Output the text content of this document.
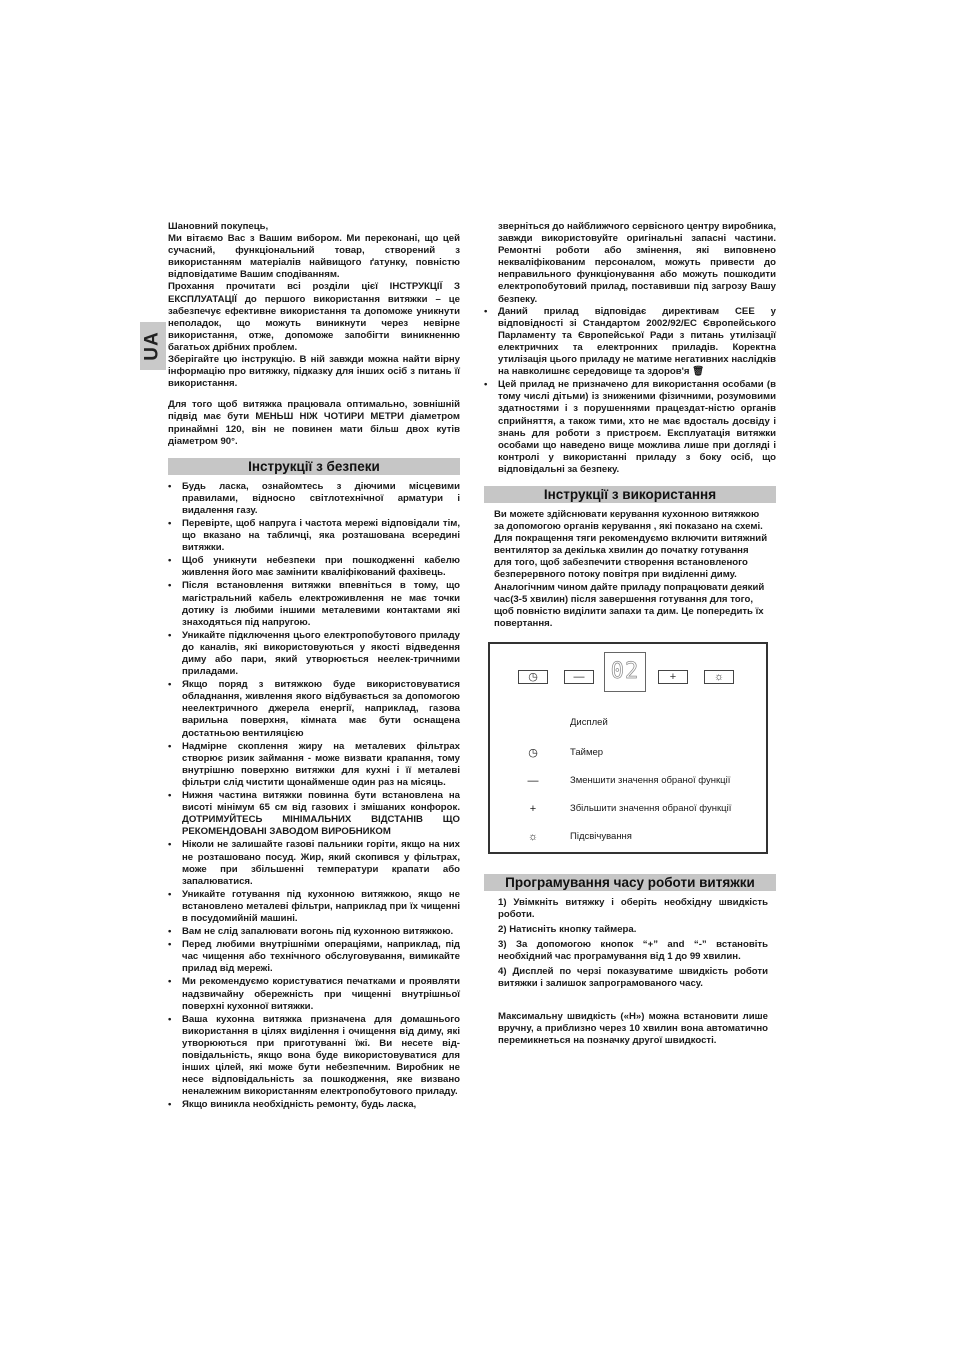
UA

Шановний покупець,

Ми вітаємо Вас з Вашим вибором. Ми переконані, що цей сучасний, функціональний товар, створений з використанням матеріалів найвищого ґатунку, повністю відповідатиме Вашим сподіванням.

Прохання прочитати всі розділи цієї ІНСТРУКЦІЇ З ЕКСПЛУАТАЦІЇ до першого використання витяжки – це забезпечує ефективне використання та допоможе уникнути неполадок, що можуть виникнути через невірне використання, отже, допоможе запобігти виникненню багатьох дрібних проблем.

Зберігайте цю інструкцію. В ній завжди можна найти вірну інформацію про витяжку, підказку для інших осіб з питань її використання.

Для того щоб витяжка працювала оптимально, зовнішній підвід має бути МЕНЬШ НІЖ ЧОТИРИ МЕТРИ діаметром принаймні 120, він не повинен мати більш двох кутів діаметром 90°.

Інструкції з безпеки
• Будь ласка, ознайомтесь з діючими місцевими правилами, відносно світлотехнічної арматури і видалення газу.
• Перевірте, щоб напруга і частота мережі відповідали тім, що вказано на табличці, яка розташована всередині витяжки.
• Щоб уникнути небезпеки при пошкодженні кабелю живлення його має замінити кваліфікований фахівець.
• Після встановлення витяжки впевніться в тому, що магістральний кабель електроживлення не має точки дотику із любими іншими металевими контактами які знаходяться під напругою.
• Уникайте підключення цього електропобутового приладу до каналів, які використовуються у якості відведення диму або пари, який утворюється неелек-тричними приладами.
• Якщо поряд з витяжкою буде використовуватися обладнання, живлення якого відбувається за допомогою неелектричного джерела енергії, наприклад, газова варильна поверхня, кімната має бути оснащена достатньою вентиляцією
• Надмірне скоплення жиру на металевих фільтрах створює ризик займання - може визвати крапання, тому внутрішню поверхню витяжки для кухні і її металеві фільтри слід чистити щонайменше один раз на місяць.
• Нижня частина витяжки повинна бути встановлена на висоті мінімум 65 см від газових і змішаних конфорок. ДОТРИМУЙТЕСЬ МІНІМАЛЬНИХ ВІДСТАНІВ ЩО РЕКОМЕНДОВАНІ ЗАВОДОМ ВИРОБНИКОМ
• Ніколи не залишайте газові пальники горіти, якщо на них не розташовано посуд. Жир, який скопився у фільтрах, може при збільшенні температури крапати або запалюватися.
• Уникайте готування під кухонною витяжкою, якщо не встановлено металеві фільтри, наприклад при їх чищенні в посудомийній машині.
• Вам не слід запалювати вогонь під кухонною витяжкою.
• Перед любими внутрішніми операціями, наприклад, під час чищення або технічного обслуговування, вимикайте прилад від мережі.
• Ми рекомендуємо користуватися печатками и проявляти надзвичайну обережність при чищенні внутрішньої поверхні кухонної витяжки.
• Ваша кухонна витяжка призначена для домашнього використання в цілях виділення і очищення від диму, які утворюються при приготуванні їжі. Ви несете від-повідальність, якщо вона буде використовуватися для інших цілей, які може бути небезпечним. Виробник не несе відповідальність за пошкодження, яке визвано неналежним використанням електропобутового приладу.
• Якщо виникла необхідність ремонту, будь ласка,
зверніться до найближчого сервісного центру виробника, завжди використовуйте оригінальні запасні частини. Ремонтні роботи або змінення, які виповнено некваліфікованим персоналом, можуть привести до неправильного функціонування або можуть пошкодити електропобутовий прилад, поставивши під загрозу Вашу безпеку.
• Даний прилад відповідає директивам CEE у відповідності зі Стандартом 2002/92/EC Європейського Парламенту та Європейської Ради з питань утилізації електричних та електронних приладів. Коректна утилізація цього приладу не матиме негативних наслідків на навколишнє середовище та здоров'я 🗑
• Цей прилад не призначено для використання особами (в тому числі дітьми) із зниженими фізичними, розумовими здатностями і з порушеннями працездат-ністю органів сприйняття, а також тими, хто не має вдосталь досвіду і знань для роботи з пристроєм. Експлуатація витяжки особами що наведено вище можлива лише при догляді і контролі у використанні приладу з боку осіб, що відповідальні за безпеку.
Інструкції з використання
Ви можете здійснювати керування кухонною витяжкою за допомогою органів керування , які показано на схемі.
Для покращення тяги рекомендуємо включити витяжний вентилятор за декілька хвилин до початку готування для того, щоб забезпечити створення встановленого безперервного потоку повітря при виділенні диму.
Аналогічним чином дайте приладу попрацювати деякий час(3-5 хвилин) після завершення готування для того, щоб повністю виділити запахи та дим. Це попередить їх повертання.
◷	— 02	+	☼
Дисплей
◷	Таймер
—	Зменшити значення обраної функції
+	Збільшити значення обраної функції
☼	Підсвічування
Програмування часу роботи витяжки

1) Увімкніть витяжку і оберіть необхідну швидкість роботи.

2) Натисніть кнопку таймера.

3) За допомогою кнопок “+” and “-” встановіть необхідний час програмування від 1 до 99 хвилин.

4) Дисплей по черзі показуватиме швидкість роботи витяжки і залишок запрограмованого часу.

Максимальну швидкість («H») можна встановити лише вручну, а приблизно через 10 хвилин вона автоматично перемикнеться на позначку другої швидкості.
